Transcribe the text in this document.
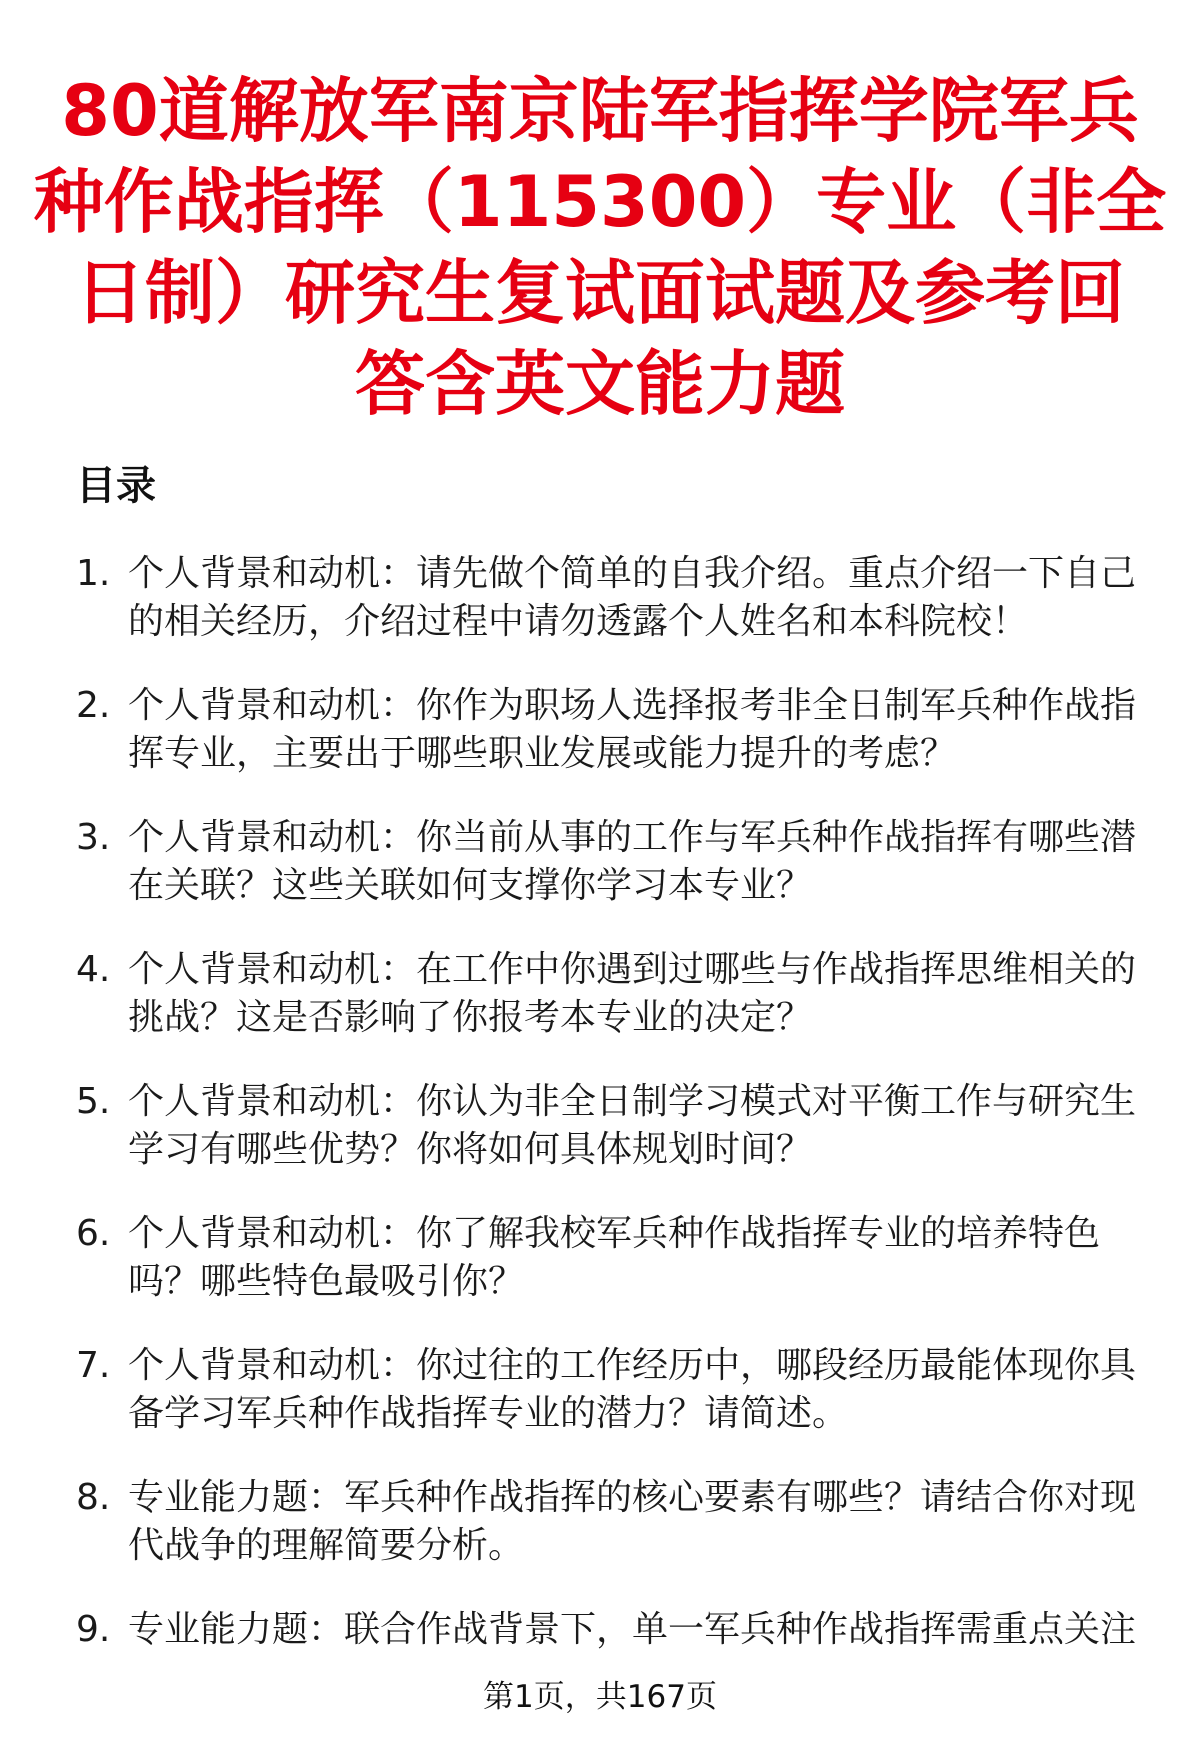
80道解放军南京陆军指挥学院军兵
种作战指挥（115300）专业（非全
日制）研究生复试面试题及参考回
答含英文能力题
目录
1. 个人背景和动机：请先做个简单的自我介绍。重点介绍一下自己的相关经历，介绍过程中请勿透露个人姓名和本科院校！
2. 个人背景和动机：你作为职场人选择报考非全日制军兵种作战指挥专业，主要出于哪些职业发展或能力提升的考虑？
3. 个人背景和动机：你当前从事的工作与军兵种作战指挥有哪些潜在关联？这些关联如何支撑你学习本专业？
4. 个人背景和动机：在工作中你遇到过哪些与作战指挥思维相关的挑战？这是否影响了你报考本专业的决定？
5. 个人背景和动机：你认为非全日制学习模式对平衡工作与研究生学习有哪些优势？你将如何具体规划时间？
6. 个人背景和动机：你了解我校军兵种作战指挥专业的培养特色吗？哪些特色最吸引你？
7. 个人背景和动机：你过往的工作经历中，哪段经历最能体现你具备学习军兵种作战指挥专业的潜力？请简述。
8. 专业能力题：军兵种作战指挥的核心要素有哪些？请结合你对现代战争的理解简要分析。
9. 专业能力题：联合作战背景下，单一军兵种作战指挥需重点关注
第1页，共167页
